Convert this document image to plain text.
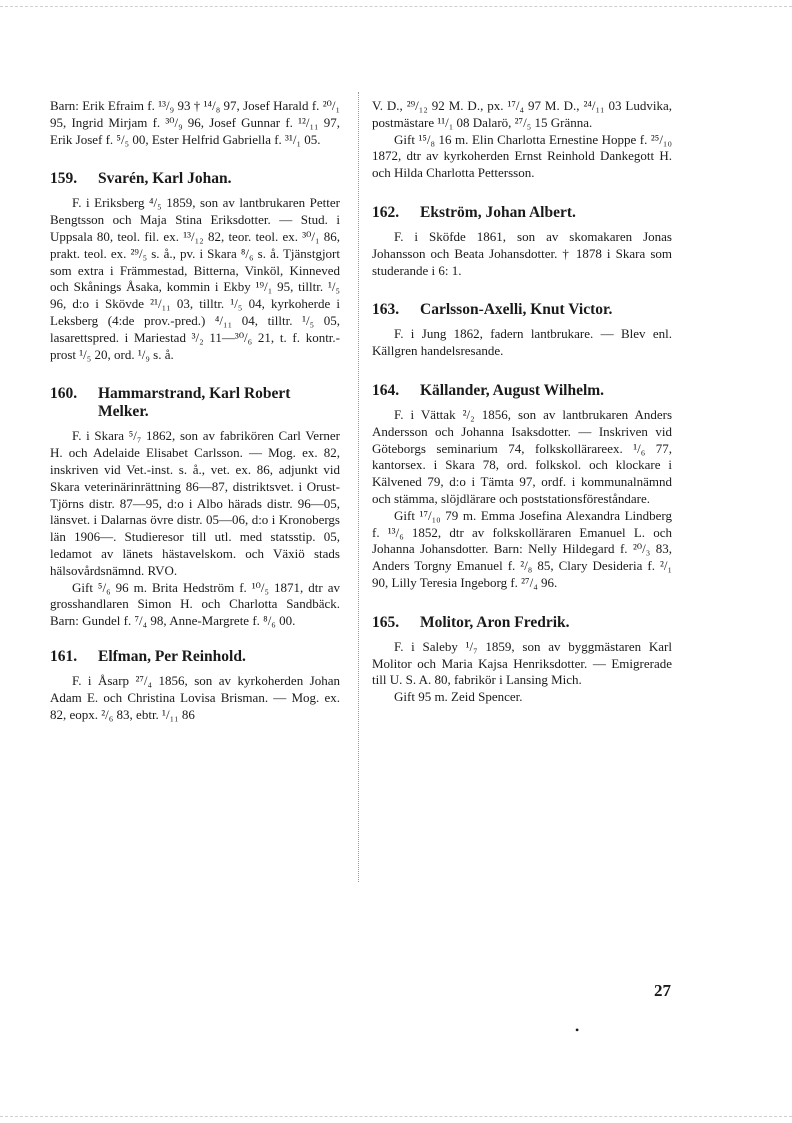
Barn: Erik Efraim f. ¹³/₉ 93 † ¹⁴/₈ 97, Josef Harald f. ²⁰/₁ 95, Ingrid Mirjam f. ³⁰/₉ 96, Josef Gunnar f. ¹²/₁₁ 97, Erik Josef f. ⁵/₅ 00, Ester Helfrid Gabriella f. ³¹/₁ 05.

159.	Svarén, Karl Johan.

F. i Eriksberg ⁴/₅ 1859, son av lantbrukaren Petter Bengtsson och Maja Stina Eriksdotter. — Stud. i Uppsala 80, teol. fil. ex. ¹³/₁₂ 82, teor. teol. ex. ³⁰/₁ 86, prakt. teol. ex. ²⁹/₅ s. å., pv. i Skara ⁸/₆ s. å. Tjänstgjort som extra i Främmestad, Bitterna, Vinköl, Kinneved och Skånings Åsaka, kommin i Ekby ¹⁹/₁ 95, tilltr. ¹/₅ 96, d:o i Skövde ²¹/₁₁ 03, tilltr. ¹/₅ 04, kyrkoherde i Leksberg (4:de prov.-pred.) ⁴/₁₁ 04, tilltr. ¹/₅ 05, lasarettspred. i Mariestad ³/₂ 11—³⁰/₆ 21, t. f. kontr.-prost ¹/₅ 20, ord. ¹/₉ s. å.

160.	Hammarstrand, Karl Robert Melker.

F. i Skara ⁵/₇ 1862, son av fabrikören Carl Verner H. och Adelaide Elisabet Carlsson. — Mog. ex. 82, inskriven vid Vet.-inst. s. å., vet. ex. 86, adjunkt vid Skara veterinärinrättning 86—87, distriktsvet. i Orust-Tjörns distr. 87—95, d:o i Albo härads distr. 96—05, länsvet. i Dalarnas övre distr. 05—06, d:o i Kronobergs län 1906—. Studieresor till utl. med statsstip. 05, ledamot av länets hästavelskom. och Växiö stads hälsovårdsnämnd. RVO.

Gift ⁵/₆ 96 m. Brita Hedström f. ¹⁰/₅ 1871, dtr av grosshandlaren Simon H. och Charlotta Sandbäck. Barn: Gundel f. ⁷/₄ 98, Anne-Margrete f. ⁸/₆ 00.

161.	Elfman, Per Reinhold.

F. i Åsarp ²⁷/₄ 1856, son av kyrkoherden Johan Adam E. och Christina Lovisa Brisman. — Mog. ex. 82, eopx. ²/₆ 83, ebtr. ¹/₁₁ 86

V. D., ²⁹/₁₂ 92 M. D., px. ¹⁷/₄ 97 M. D., ²⁴/₁₁ 03 Ludvika, postmästare ¹¹/₁ 08 Dalarö, ²⁷/₅ 15 Gränna.

Gift ¹⁵/₈ 16 m. Elin Charlotta Ernestine Hoppe f. ²⁵/₁₀ 1872, dtr av kyrkoherden Ernst Reinhold Dankegott H. och Hilda Charlotta Pettersson.

162.	Ekström, Johan Albert.

F. i Sköfde 1861, son av skomakaren Jonas Johansson och Beata Johansdotter. † 1878 i Skara som studerande i 6: 1.

163.	Carlsson-Axelli, Knut Victor.

F. i Jung 1862, fadern lantbrukare. — Blev enl. Källgren handelsresande.

164.	Källander, August Wilhelm.

F. i Vättak ²/₂ 1856, son av lantbrukaren Anders Andersson och Johanna Isaksdotter. — Inskriven vid Göteborgs seminarium 74, folkskollärareex. ¹/₆ 77, kantorsex. i Skara 78, ord. folkskol. och klockare i Kälvened 79, d:o i Tämta 97, ordf. i kommunalnämnd och stämma, slöjdlärare och poststationsföreståndare.

Gift ¹⁷/₁₀ 79 m. Emma Josefina Alexandra Lindberg f. ¹³/₆ 1852, dtr av folkskolläraren Emanuel L. och Johanna Johansdotter. Barn: Nelly Hildegard f. ²⁰/₃ 83, Anders Torgny Emanuel f. ²/₈ 85, Clary Desideria f. ²/₁ 90, Lilly Teresia Ingeborg f. ²⁷/₄ 96.

165.	Molitor, Aron Fredrik.

F. i Saleby ¹/₇ 1859, son av byggmästaren Karl Molitor och Maria Kajsa Henriksdotter. — Emigrerade till U. S. A. 80, fabrikör i Lansing Mich.

Gift 95 m. Zeid Spencer.

27
•
